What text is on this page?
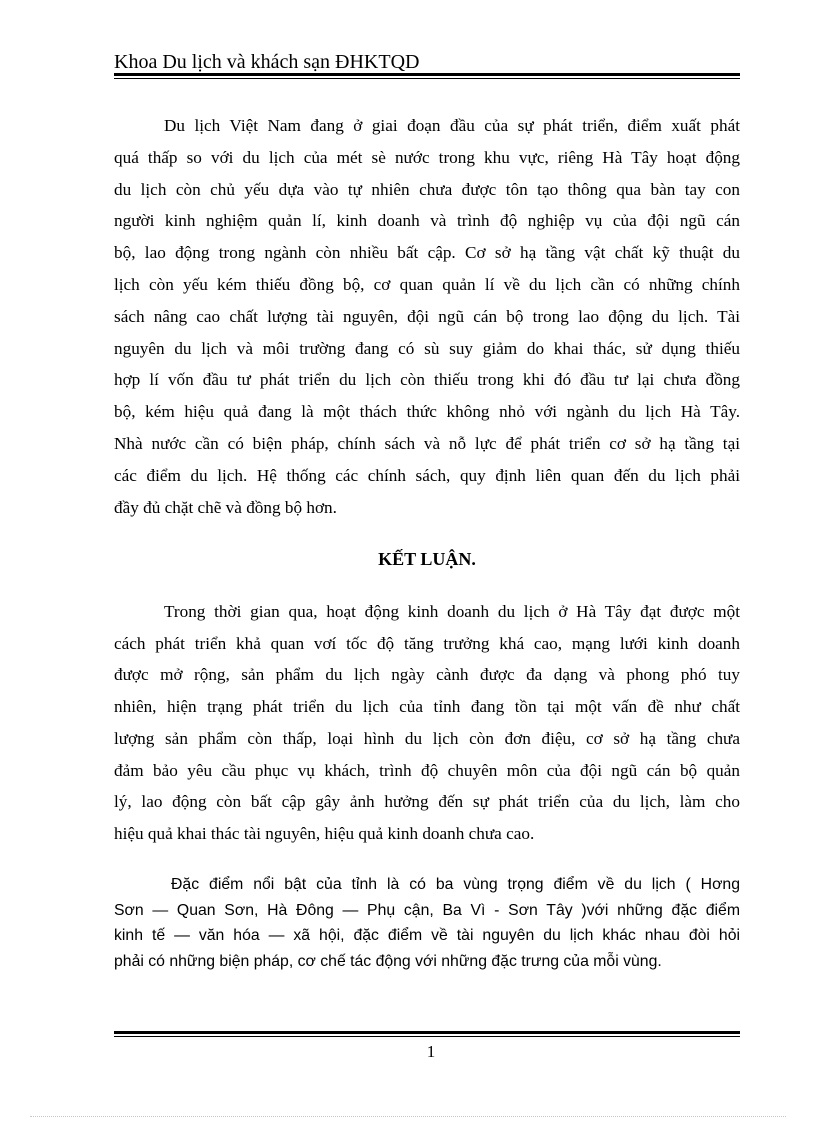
Khoa Du lịch và khách sạn ĐHKTQD

Du lịch Việt Nam đang ở giai đoạn đầu của sự phát triển, điểm xuất phát
quá thấp so với du lịch của mét sè nước trong khu vực, riêng Hà Tây hoạt động
du lịch còn chủ yếu dựa vào tự nhiên chưa được tôn tạo thông qua bàn tay con
người kinh nghiệm quản lí, kinh doanh và trình độ nghiệp vụ của đội ngũ cán
bộ, lao động trong ngành còn nhiều bất cập. Cơ sở hạ tầng vật chất kỹ thuật du
lịch còn yếu kém thiếu đồng bộ, cơ quan quản lí về du lịch cần có những chính
sách nâng cao chất lượng tài nguyên, đội ngũ cán bộ trong lao động du lịch. Tài
nguyên du lịch và môi trường đang có sù suy giảm do khai thác, sử dụng thiếu
hợp lí vốn đầu tư phát triển du lịch còn thiếu trong khi đó đầu tư lại chưa đồng
bộ, kém hiệu quả đang là một thách thức không nhỏ với ngành du lịch Hà Tây.
Nhà nước cần có biện pháp, chính sách và nỗ lực để phát triển cơ sở hạ tầng tại
các điểm du lịch. Hệ thống các chính sách, quy định liên quan đến du lịch phải
đầy đủ chặt chẽ và đồng bộ hơn.

KẾT LUẬN.

Trong thời gian qua, hoạt động kinh doanh du lịch ở Hà Tây đạt được một
cách phát triển khả quan vơí tốc độ tăng trưởng khá cao, mạng lưới kinh doanh
được mở rộng, sản phẩm du lịch ngày cành được đa dạng và phong phó tuy
nhiên, hiện trạng phát triển du lịch của tỉnh đang tồn tại một vấn đề như chất
lượng sản phẩm còn thấp, loại hình du lịch còn đơn điệu, cơ sở hạ tầng chưa
đảm bảo yêu cầu phục vụ khách, trình độ chuyên môn của đội ngũ cán bộ quản
lý, lao động còn bất cập gây ảnh hưởng đến sự phát triển của du lịch, làm cho
hiệu quả khai thác tài nguyên, hiệu quả kinh doanh chưa cao.

Đặc điểm nổi bật của tỉnh là có ba vùng trọng điểm về du lịch ( Hơng
Sơn — Quan Sơn, Hà Đông — Phụ cận, Ba Vì - Sơn Tây )với những đặc điểm
kinh tế — văn hóa — xã hội, đặc điểm về tài nguyên du lịch khác nhau đòi hỏi
phải có những biện pháp, cơ chế tác động với những đặc trưng của mỗi vùng.

1
